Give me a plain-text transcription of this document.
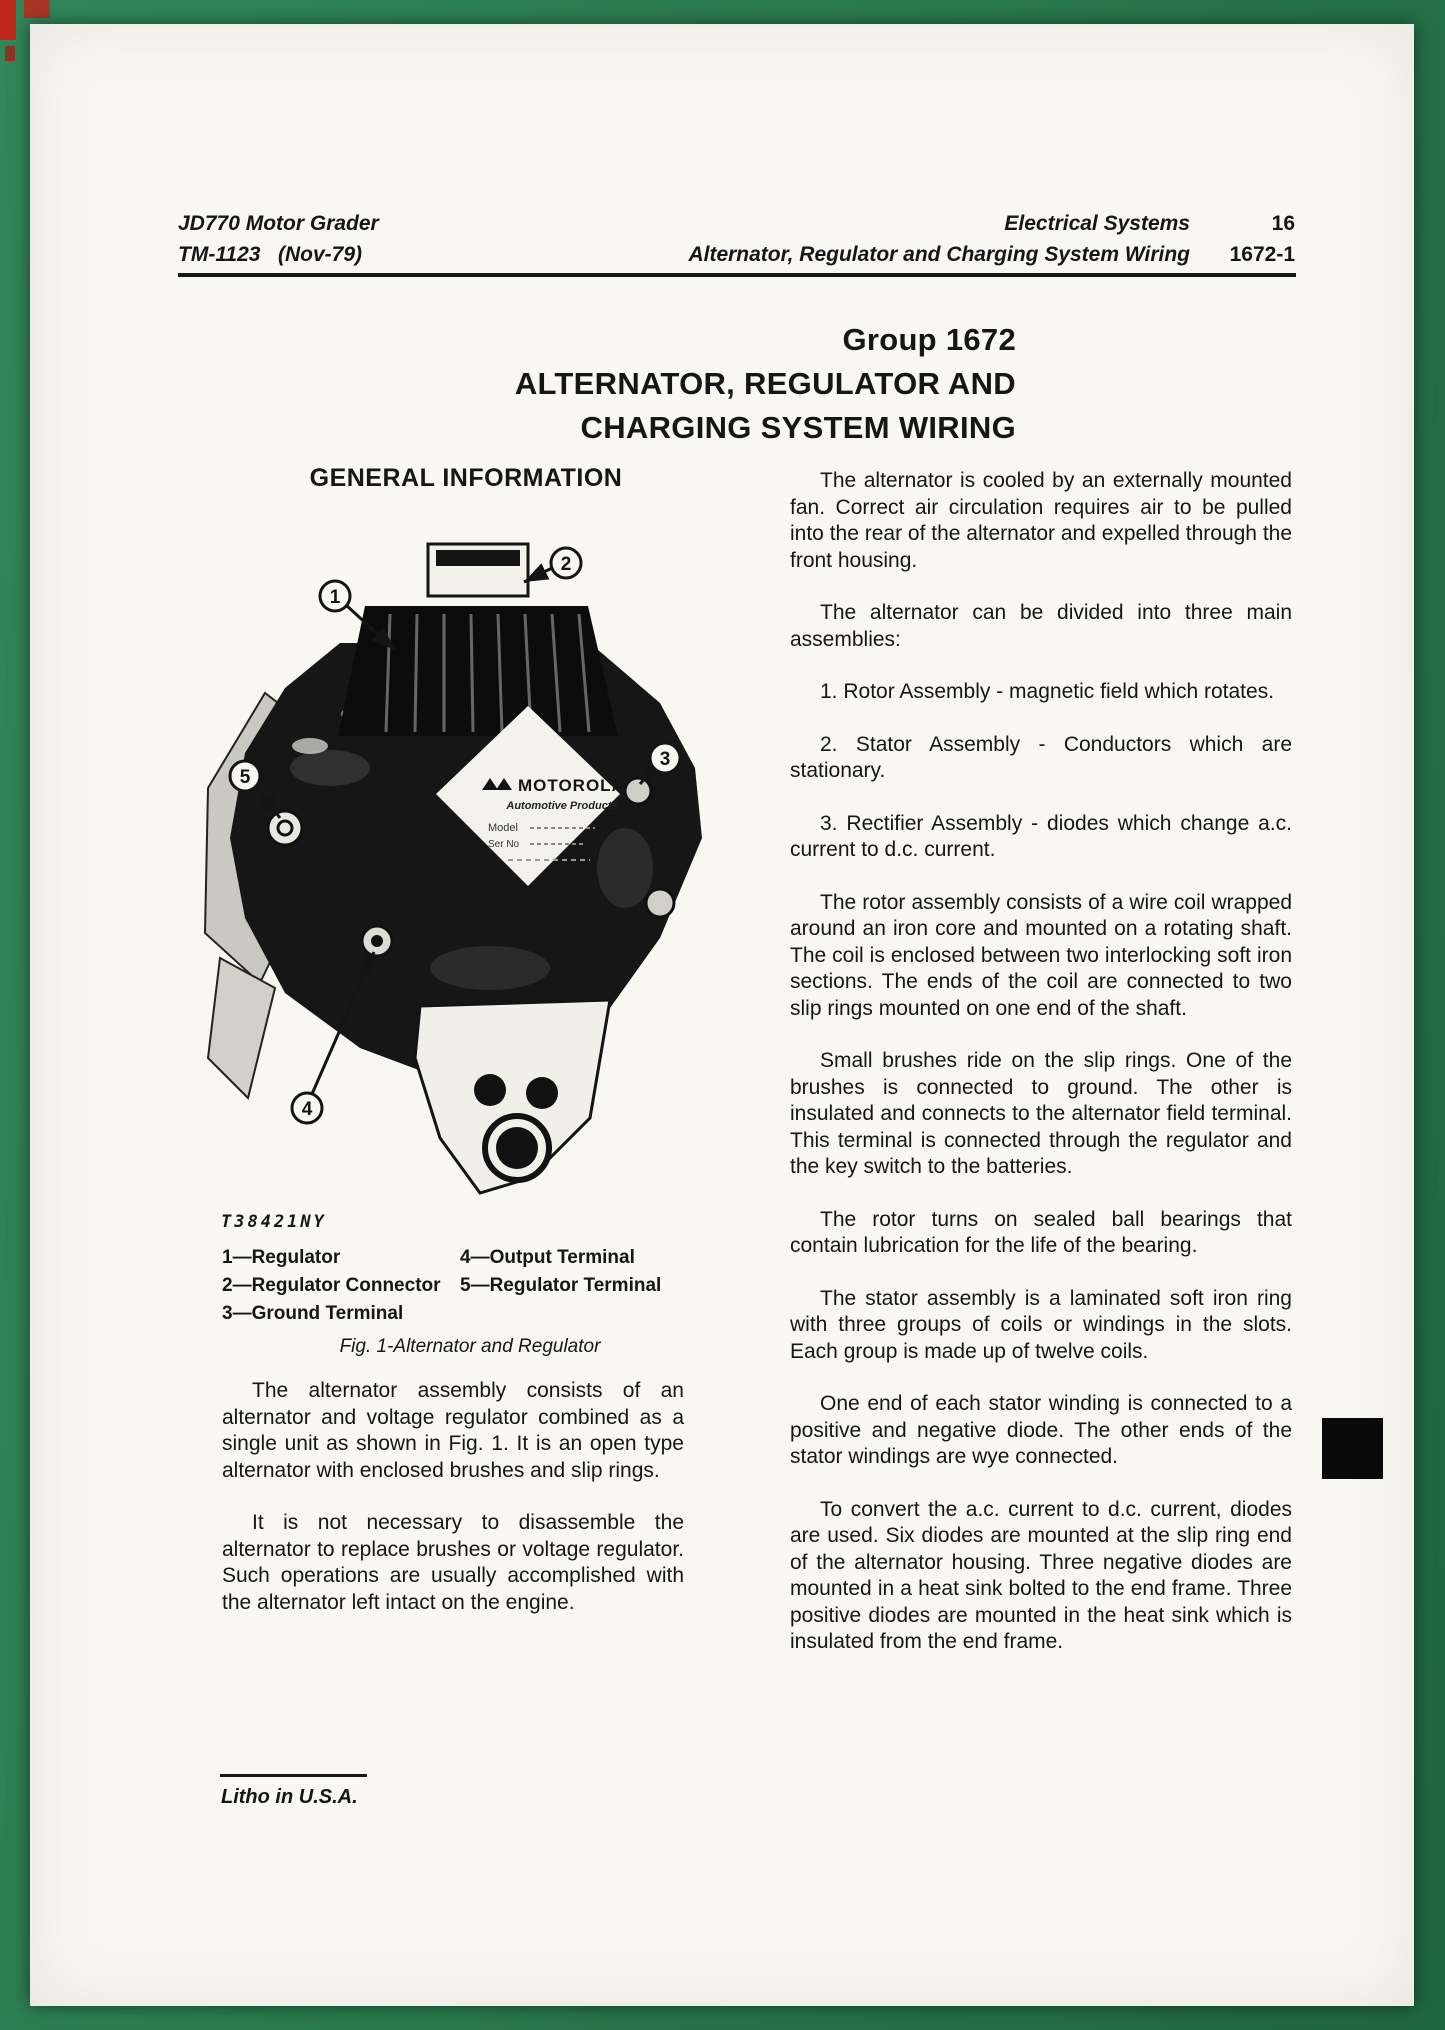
JD770 Motor Grader
TM-1123   (Nov-79)
Electrical Systems
Alternator, Regulator and Charging System Wiring
16
1672-1
Group 1672
ALTERNATOR, REGULATOR AND
CHARGING SYSTEM WIRING
GENERAL INFORMATION
MOTOROLA
Automotive Products
Model
Ser No
1
2
3
4
5
T38421NY
1—Regulator
2—Regulator Connector
3—Ground Terminal
4—Output Terminal
5—Regulator Terminal
Fig. 1-Alternator and Regulator

The alternator assembly consists of an alternator and voltage regulator combined as a single unit as shown in Fig. 1. It is an open type alternator with enclosed brushes and slip rings.

It is not necessary to disassemble the alternator to replace brushes or voltage regulator. Such operations are usually accomplished with the alternator left intact on the engine.

The alternator is cooled by an externally mounted fan. Correct air circulation requires air to be pulled into the rear of the alternator and expelled through the front housing.

The alternator can be divided into three main assemblies:

1. Rotor Assembly - magnetic field which rotates.

2. Stator Assembly - Conductors which are stationary.

3. Rectifier Assembly - diodes which change a.c. current to d.c. current.

The rotor assembly consists of a wire coil wrapped around an iron core and mounted on a rotating shaft. The coil is enclosed between two interlocking soft iron sections. The ends of the coil are connected to two slip rings mounted on one end of the shaft.

Small brushes ride on the slip rings. One of the brushes is connected to ground. The other is insulated and connects to the alternator field terminal. This terminal is connected through the regulator and the key switch to the batteries.

The rotor turns on sealed ball bearings that contain lubrication for the life of the bearing.

The stator assembly is a laminated soft iron ring with three groups of coils or windings in the slots. Each group is made up of twelve coils.

One end of each stator winding is connected to a positive and negative diode. The other ends of the stator windings are wye connected.

To convert the a.c. current to d.c. current, diodes are used. Six diodes are mounted at the slip ring end of the alternator housing. Three negative diodes are mounted in a heat sink bolted to the end frame. Three positive diodes are mounted in the heat sink which is insulated from the end frame.

Litho in U.S.A.
